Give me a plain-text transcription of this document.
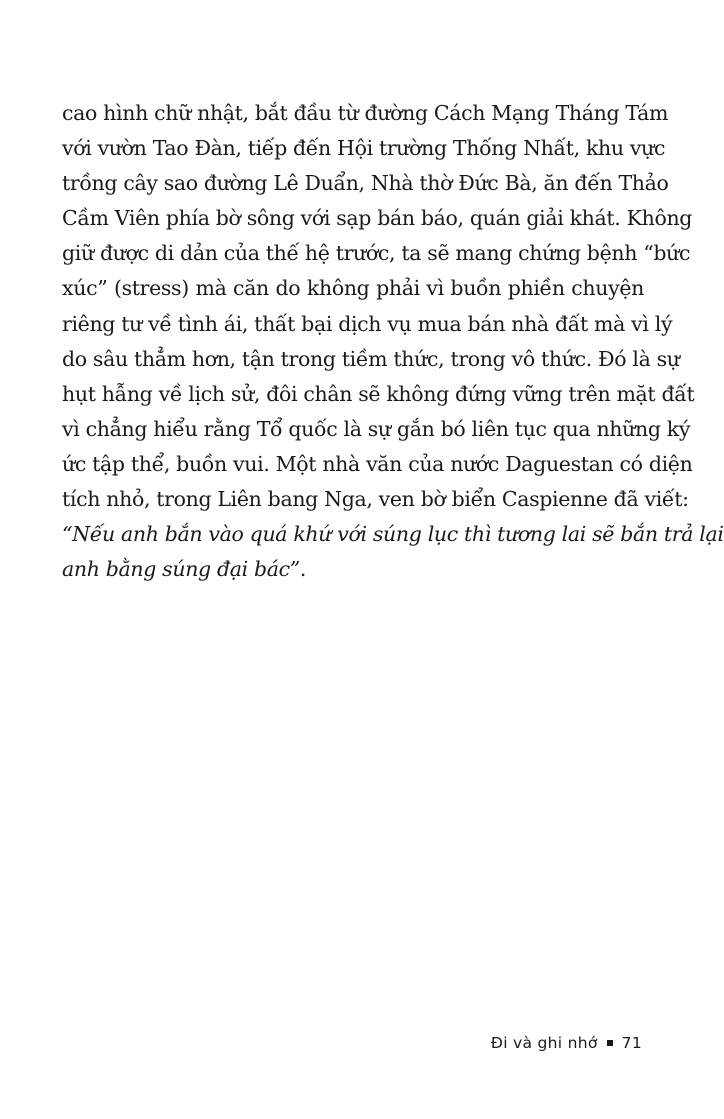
cao hình chữ nhật, bắt đầu từ đường Cách Mạng Tháng Tám
với vườn Tao Đàn, tiếp đến Hội trường Thống Nhất, khu vực
trồng cây sao đường Lê Duẩn, Nhà thờ Đức Bà, ăn đến Thảo
Cầm Viên phía bờ sông với sạp bán báo, quán giải khát. Không
giữ được di dản của thế hệ trước, ta sẽ mang chứng bệnh “bức
xúc” (stress) mà căn do không phải vì buồn phiền chuyện
riêng tư về tình ái, thất bại dịch vụ mua bán nhà đất mà vì lý
do sâu thẳm hơn, tận trong tiềm thức, trong vô thức. Đó là sự
hụt hẫng về lịch sử, đôi chân sẽ không đứng vững trên mặt đất
vì chẳng hiểu rằng Tổ quốc là sự gắn bó liên tục qua những ký
ức tập thể, buồn vui. Một nhà văn của nước Daguestan có diện
tích nhỏ, trong Liên bang Nga, ven bờ biển Caspienne đã viết:
“Nếu anh bắn vào quá khứ với súng lục thì tương lai sẽ bắn trả lại
anh bằng súng đại bác”.
Đi và ghi nhớ 71
